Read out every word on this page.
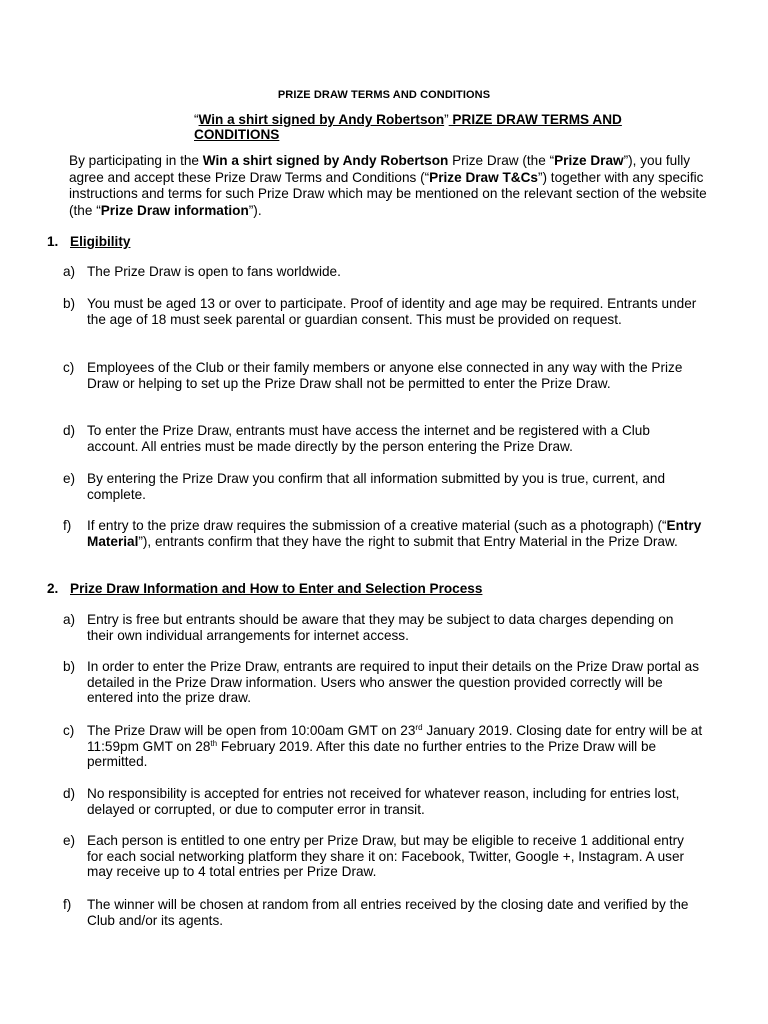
PRIZE DRAW TERMS AND CONDITIONS
“Win a shirt signed by Andy Robertson” PRIZE DRAW TERMS AND CONDITIONS
By participating in the Win a shirt signed by Andy Robertson Prize Draw (the “Prize Draw”), you fully agree and accept these Prize Draw Terms and Conditions (“Prize Draw T&Cs”) together with any specific instructions and terms for such Prize Draw which may be mentioned on the relevant section of the website (the “Prize Draw information”).
1. Eligibility
a) The Prize Draw is open to fans worldwide.
b) You must be aged 13 or over to participate. Proof of identity and age may be required. Entrants under the age of 18 must seek parental or guardian consent. This must be provided on request.
c) Employees of the Club or their family members or anyone else connected in any way with the Prize Draw or helping to set up the Prize Draw shall not be permitted to enter the Prize Draw.
d) To enter the Prize Draw, entrants must have access the internet and be registered with a Club account. All entries must be made directly by the person entering the Prize Draw.
e) By entering the Prize Draw you confirm that all information submitted by you is true, current, and complete.
f)	If entry to the prize draw requires the submission of a creative material (such as a photograph) (“Entry Material”), entrants confirm that they have the right to submit that Entry Material in the Prize Draw.
2. Prize Draw Information and How to Enter and Selection Process
a) Entry is free but entrants should be aware that they may be subject to data charges depending on their own individual arrangements for internet access.
b) In order to enter the Prize Draw, entrants are required to input their details on the Prize Draw portal as detailed in the Prize Draw information. Users who answer the question provided correctly will be entered into the prize draw.
c) The Prize Draw will be open from 10:00am GMT on 23rd January 2019. Closing date for entry will be at 11:59pm GMT on 28th February 2019. After this date no further entries to the Prize Draw will be permitted.
d) No responsibility is accepted for entries not received for whatever reason, including for entries lost, delayed or corrupted, or due to computer error in transit.
e) Each person is entitled to one entry per Prize Draw, but may be eligible to receive 1 additional entry for each social networking platform they share it on: Facebook, Twitter, Google +, Instagram. A user may receive up to 4 total entries per Prize Draw.
f)	The winner will be chosen at random from all entries received by the closing date and verified by the Club and/or its agents.
